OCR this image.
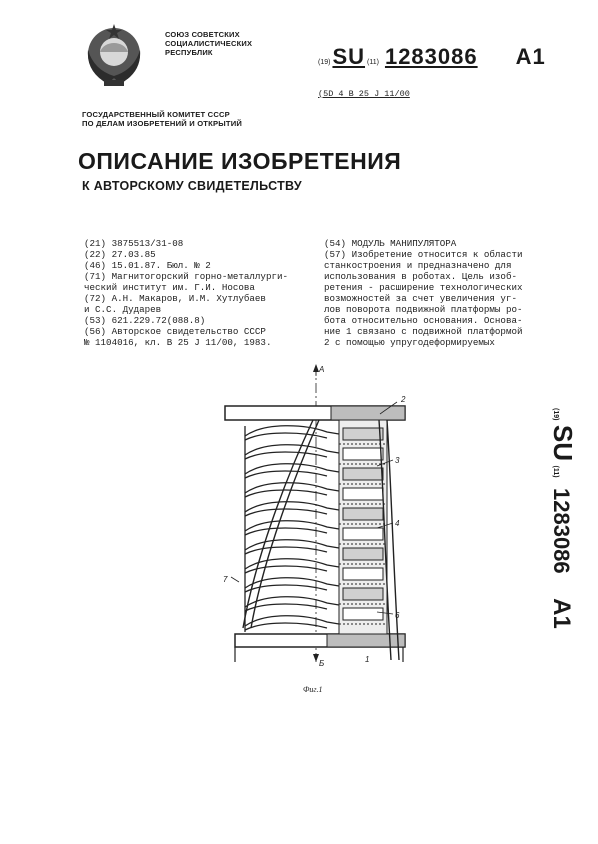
СОЮЗ СОВЕТСКИХ
СОЦИАЛИСТИЧЕСКИХ
РЕСПУБЛИК
(19) SU (11) 1283086 A1
(5D 4 B 25 J 11/00
ГОСУДАРСТВЕННЫЙ КОМИТЕТ СССР
ПО ДЕЛАМ ИЗОБРЕТЕНИЙ И ОТКРЫТИЙ
ОПИСАНИЕ ИЗОБРЕТЕНИЯ
К АВТОРСКОМУ СВИДЕТЕЛЬСТВУ
(21) 3875513/31-08
(22) 27.03.85
(46) 15.01.87. Бюл. № 2
(71) Магнитогорский горно-металлурги-
ческий институт им. Г.И. Носова
(72) А.Н. Макаров, И.М. Хутлубаев
и С.С. Дударев
(53) 621.229.72(088.8)
(56) Авторское свидетельство СССР
№ 1104016, кл. B 25 J 11/00, 1983.
(54) МОДУЛЬ МАНИПУЛЯТОРА
(57) Изобретение относится к области
станкостроения и предназначено для
использования в роботах. Цель изоб-
ретения - расширение технологических
возможностей за счет увеличения уг-
лов поворота подвижной платформы ро-
бота относительно основания. Основа-
ние 1 связано с подвижной платформой
2 с помощью упругодеформируемых
2
3
4
6
7
1
А
Б
Фиг.1
(19) SU (11) 1283086 A1
